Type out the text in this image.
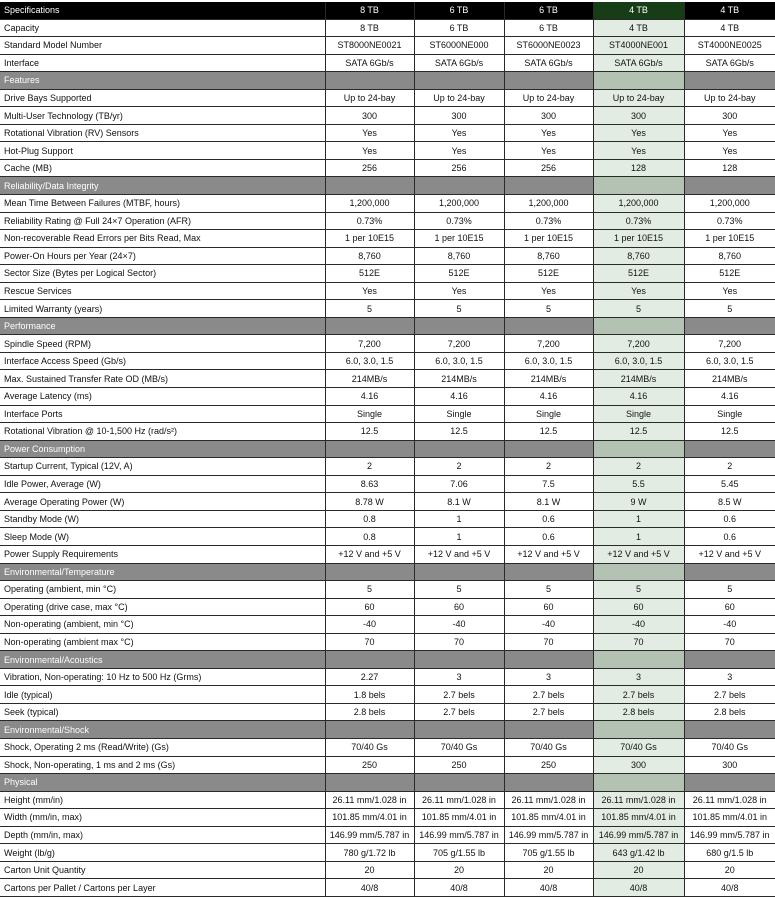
Specifications	8 TB	6 TB	6 TB	4 TB	4 TB
Capacity	8 TB	6 TB	6 TB	4 TB	4 TB
Standard Model Number	ST8000NE0021	ST6000NE000	ST6000NE0023	ST4000NE001	ST4000NE0025
Interface	SATA 6Gb/s	SATA 6Gb/s	SATA 6Gb/s	SATA 6Gb/s	SATA 6Gb/s
Features					
Drive Bays Supported	Up to 24-bay	Up to 24-bay	Up to 24-bay	Up to 24-bay	Up to 24-bay
Multi-User Technology (TB/yr)	300	300	300	300	300
Rotational Vibration (RV) Sensors	Yes	Yes	Yes	Yes	Yes
Hot-Plug Support	Yes	Yes	Yes	Yes	Yes
Cache (MB)	256	256	256	128	128
Reliability/Data Integrity					
Mean Time Between Failures (MTBF, hours)	1,200,000	1,200,000	1,200,000	1,200,000	1,200,000
Reliability Rating @ Full 24×7 Operation (AFR)	0.73%	0.73%	0.73%	0.73%	0.73%
Non-recoverable Read Errors per Bits Read, Max	1 per 10E15	1 per 10E15	1 per 10E15	1 per 10E15	1 per 10E15
Power-On Hours per Year (24×7)	8,760	8,760	8,760	8,760	8,760
Sector Size (Bytes per Logical Sector)	512E	512E	512E	512E	512E
Rescue Services	Yes	Yes	Yes	Yes	Yes
Limited Warranty (years)	5	5	5	5	5
Performance					
Spindle Speed (RPM)	7,200	7,200	7,200	7,200	7,200
Interface Access Speed (Gb/s)	6.0, 3.0, 1.5	6.0, 3.0, 1.5	6.0, 3.0, 1.5	6.0, 3.0, 1.5	6.0, 3.0, 1.5
Max. Sustained Transfer Rate OD (MB/s)	214MB/s	214MB/s	214MB/s	214MB/s	214MB/s
Average Latency (ms)	4.16	4.16	4.16	4.16	4.16
Interface Ports	Single	Single	Single	Single	Single
Rotational Vibration @ 10-1,500 Hz (rad/s²)	12.5	12.5	12.5	12.5	12.5
Power Consumption					
Startup Current, Typical (12V, A)	2	2	2	2	2
Idle Power, Average (W)	8.63	7.06	7.5	5.5	5.45
Average Operating Power (W)	8.78 W	8.1 W	8.1 W	9 W	8.5 W
Standby Mode (W)	0.8	1	0.6	1	0.6
Sleep Mode (W)	0.8	1	0.6	1	0.6
Power Supply Requirements	+12 V and +5 V	+12 V and +5 V	+12 V and +5 V	+12 V and +5 V	+12 V and +5 V
Environmental/Temperature					
Operating (ambient, min °C)	5	5	5	5	5
Operating (drive case, max °C)	60	60	60	60	60
Non-operating (ambient, min °C)	-40	-40	-40	-40	-40
Non-operating (ambient max °C)	70	70	70	70	70
Environmental/Acoustics					
Vibration, Non-operating: 10 Hz to 500 Hz (Grms)	2.27	3	3	3	3
Idle (typical)	1.8 bels	2.7 bels	2.7 bels	2.7 bels	2.7 bels
Seek (typical)	2.8 bels	2.7 bels	2.7 bels	2.8 bels	2.8 bels
Environmental/Shock					
Shock, Operating 2 ms (Read/Write) (Gs)	70/40 Gs	70/40 Gs	70/40 Gs	70/40 Gs	70/40 Gs
Shock, Non-operating, 1 ms and 2 ms (Gs)	250	250	250	300	300
Physical					
Height (mm/in)	26.11 mm/1.028 in	26.11 mm/1.028 in	26.11 mm/1.028 in	26.11 mm/1.028 in	26.11 mm/1.028 in
Width (mm/in, max)	101.85 mm/4.01 in	101.85 mm/4.01 in	101.85 mm/4.01 in	101.85 mm/4.01 in	101.85 mm/4.01 in
Depth (mm/in, max)	146.99 mm/5.787 in	146.99 mm/5.787 in	146.99 mm/5.787 in	146.99 mm/5.787 in	146.99 mm/5.787 in
Weight (lb/g)	780 g/1.72 lb	705 g/1.55 lb	705 g/1.55 lb	643 g/1.42 lb	680 g/1.5 lb
Carton Unit Quantity	20	20	20	20	20
Cartons per Pallet / Cartons per Layer	40/8	40/8	40/8	40/8	40/8
